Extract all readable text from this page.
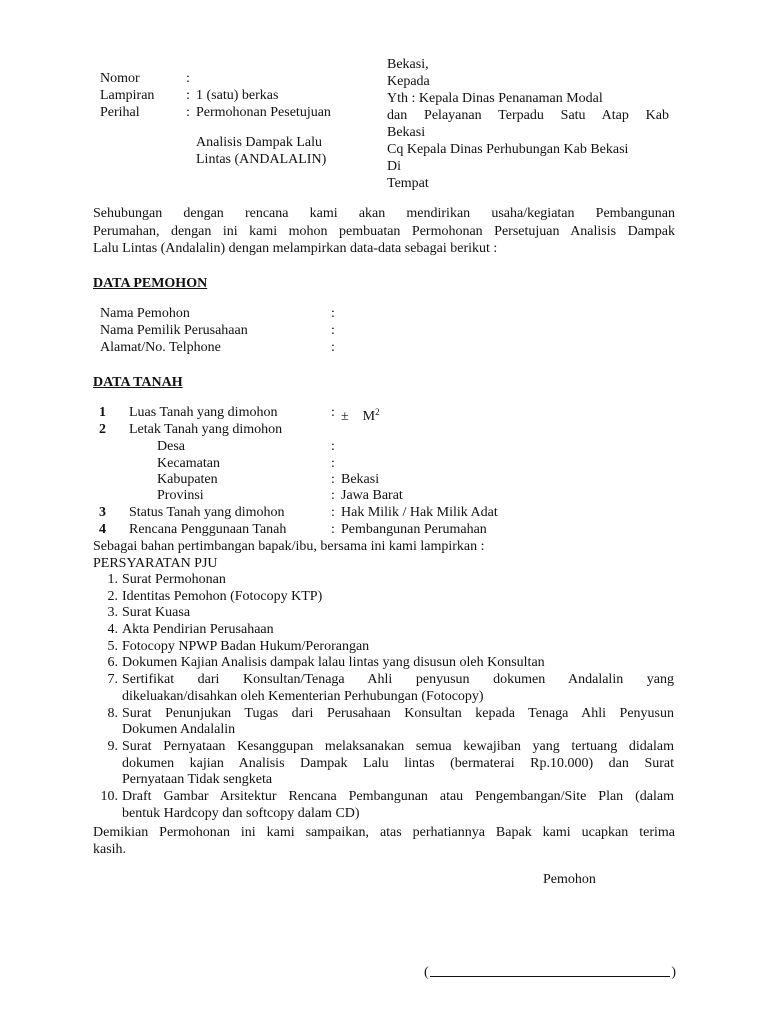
Nomor	:
Lampiran : 1 (satu) berkas
Perihal	: Permohonan Pesetujuan
Analisis Dampak Lalu
Lintas (ANDALALIN)
Bekasi,
Kepada
Yth : Kepala Dinas Penanaman Modal
dan Pelayanan Terpadu Satu Atap Kab
Bekasi
Cq Kepala Dinas Perhubungan Kab Bekasi
Di
Tempat
Sehubungan dengan rencana kami akan mendirikan usaha/kegiatan Pembangunan
Perumahan, dengan ini kami mohon pembuatan Permohonan Persetujuan Analisis Dampak
Lalu Lintas (Andalalin) dengan melampirkan data-data sebagai berikut :
DATA PEMOHON
Nama Pemohon	:
Nama Pemilik Perusahaan	:
Alamat/No. Telphone	:
DATA TANAH
1 Luas Tanah yang dimohon	: ±    $M^2$
2 Letak Tanah yang dimohon
Desa	:
Kecamatan	:
Kabupaten	: Bekasi
Provinsi	: Jawa Barat
3 Status Tanah yang dimohon	: Hak Milik / Hak Milik Adat
4 Rencana Penggunaan Tanah	: Pembangunan Perumahan
Sebagai bahan pertimbangan bapak/ibu, bersama ini kami lampirkan :
PERSYARATAN PJU
1. Surat Permohonan
2. Identitas Pemohon (Fotocopy KTP)
3. Surat Kuasa
4. Akta Pendirian Perusahaan
5. Fotocopy NPWP Badan Hukum/Perorangan
6. Dokumen Kajian Analisis dampak lalau lintas yang disusun oleh Konsultan
7. Sertifikat dari Konsultan/Tenaga Ahli penyusun dokumen Andalalin yang
dikeluakan/disahkan oleh Kementerian Perhubungan (Fotocopy)
8. Surat Penunjukan Tugas dari Perusahaan Konsultan kepada Tenaga Ahli Penyusun
Dokumen Andalalin
9. Surat Pernyataan Kesanggupan melaksanakan semua kewajiban yang tertuang didalam
dokumen kajian Analisis Dampak Lalu lintas (bermaterai Rp.10.000) dan Surat
Pernyataan Tidak sengketa
10. Draft Gambar Arsitektur Rencana Pembangunan atau Pengembangan/Site Plan (dalam
bentuk Hardcopy dan softcopy dalam CD)
Demikian Permohonan ini kami sampaikan, atas perhatiannya Bapak kami ucapkan terima
kasih.
Pemohon
(	)
